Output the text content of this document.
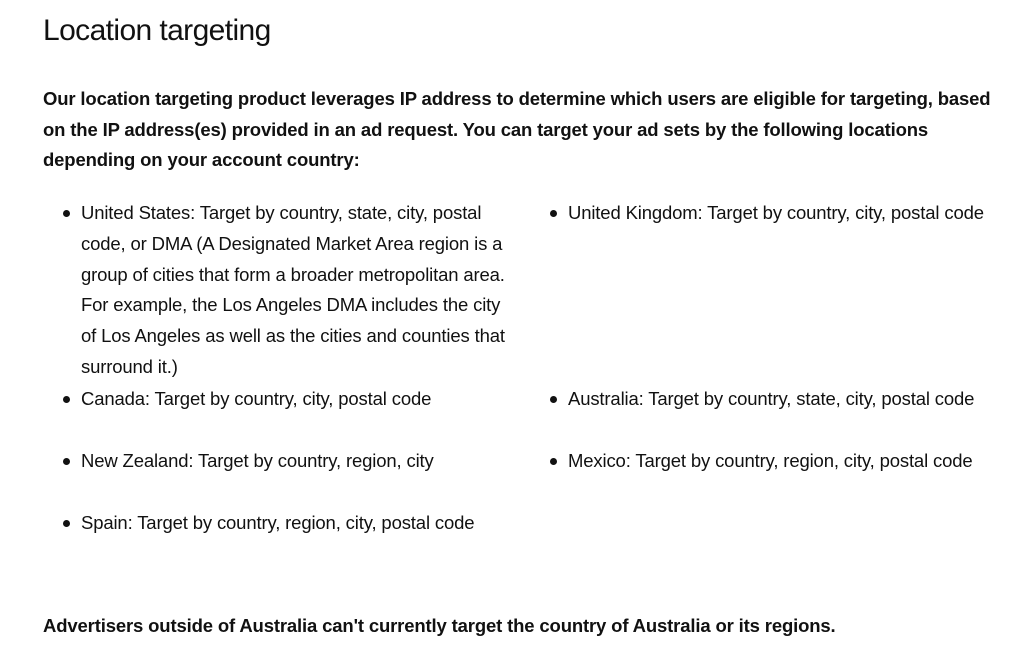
Location targeting

Our location targeting product leverages IP address to determine which users are eligible for targeting, based on the IP address(es) provided in an ad request. You can target your ad sets by the following locations depending on your account country:

United States: Target by country, state, city, postal code, or DMA (A Designated Market Area region is a group of cities that form a broader metropolitan area. For example, the Los Angeles DMA includes the city of Los Angeles as well as the cities and counties that surround it.)
Canada: Target by country, city, postal code
New Zealand: Target by country, region, city
Spain: Target by country, region, city, postal code
United Kingdom: Target by country, city, postal code
Australia: Target by country, state, city, postal code
Mexico: Target by country, region, city, postal code

Advertisers outside of Australia can't currently target the country of Australia or its regions.
